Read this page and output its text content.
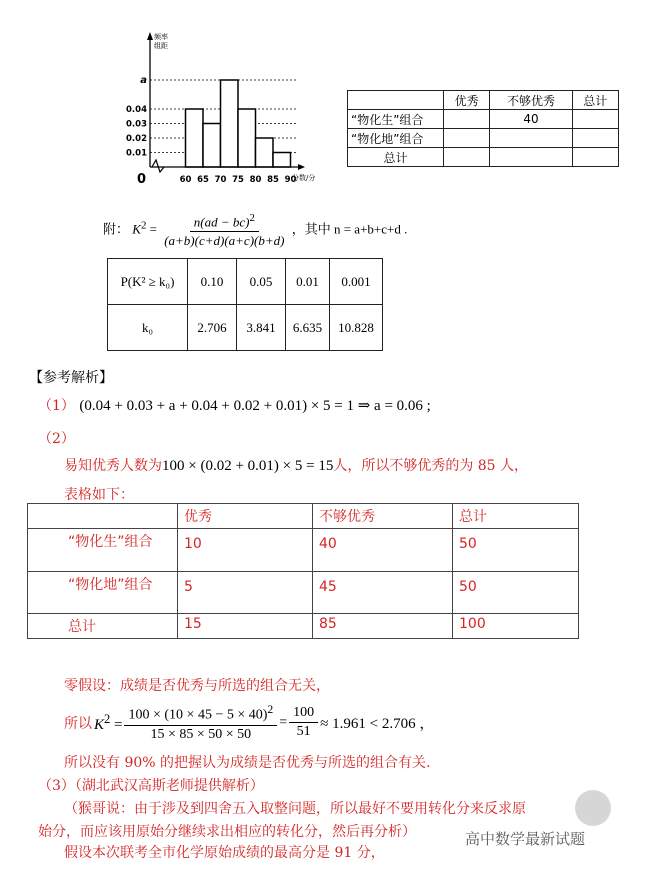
a
0.04
0.03
0.02
0.01
60 65 70 75 80 85 90
频率
组距
0	分数/分
	优秀	不够优秀	总计
“物化生”组合		40	
“物化地”组合			
总计			
附： $K^2 = \frac{n(ad - bc)^2}{(a+b)(c+d)(a+c)(b+d)}$ ，其中 n = a+b+c+d .
P(K² ≥ k₀)	0.10	0.05	0.01	0.001
k₀	2.706	3.841	6.635	10.828
【参考解析】
（1） (0.04 + 0.03 + a + 0.04 + 0.02 + 0.01) × 5 = 1 ⇒ a = 0.06 ;
（2）
易知优秀人数为100 × (0.02 + 0.01) × 5 = 15人，所以不够优秀的为 85 人，
表格如下：
	优秀	不够优秀	总计
“物化生”组合	10	40	50
“物化地”组合	5	45	50
总计	15	85	100
零假设：成绩是否优秀与所选的组合无关，
所以 $K^2 = \frac{100 \times (10 \times 45 - 5 \times 40)^2}{15 \times 85 \times 50 \times 50} = \frac{100}{51} \approx 1.961 < 2.706$ ，
所以没有 90% 的把握认为成绩是否优秀与所选的组合有关.
（3）（湖北武汉高斯老师提供解析）
（猴哥说：由于涉及到四舍五入取整问题，所以最好不要用转化分来反求原
始分，而应该用原始分继续求出相应的转化分，然后再分析）
假设本次联考全市化学原始成绩的最高分是 91 分，
高中数学最新试题
